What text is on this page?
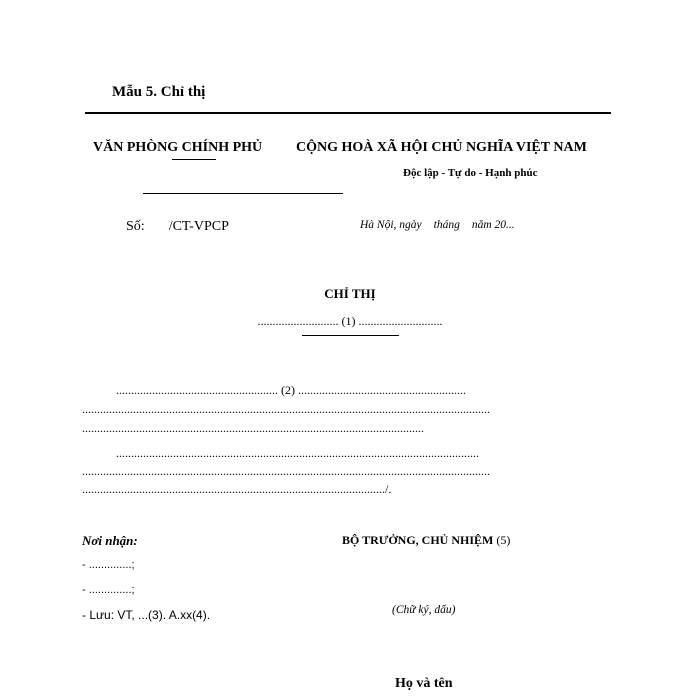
Mẫu 5. Chỉ thị
VĂN PHÒNG CHÍNH PHỦ CỘNG HOÀ XÃ HỘI CHỦ NGHĨA VIỆT NAM
Độc lập - Tự do - Hạnh phúc
Số: /CT-VPCP	Hà Nội, ngày tháng năm 20...
CHỈ THỊ
........................... (1) ............................
...................................................... (2) ........................................................
........................................................................................................................................
..................................................................................................................
.........................................................................................................................
........................................................................................................................................
...................................................................................................../.
Nơi nhận:
- ..............;
- ..............;
- Lưu: VT, ...(3). A.xx(4).
BỘ TRƯỞNG, CHỦ NHIỆM (5)
(Chữ ký, dấu)
Họ và tên
